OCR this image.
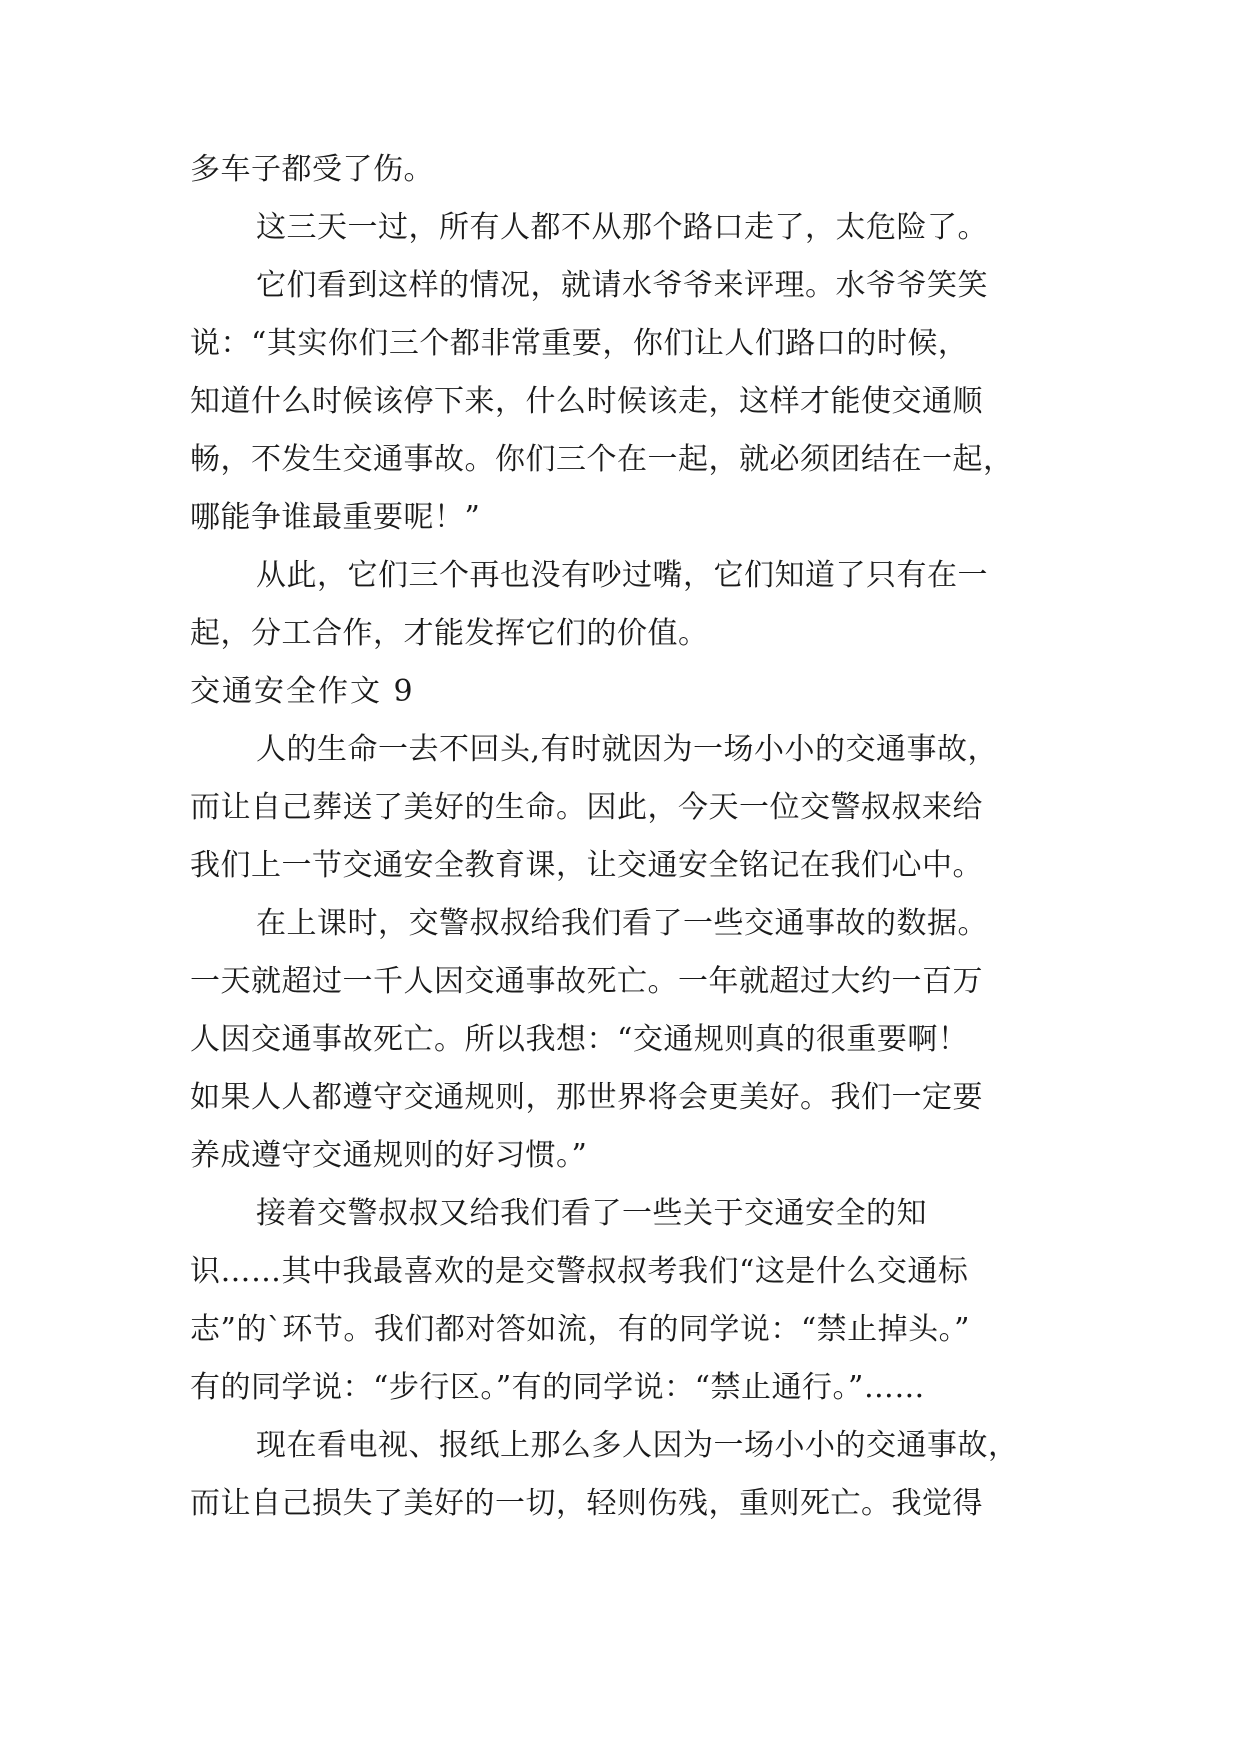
多车子都受了伤。
这三天一过，所有人都不从那个路口走了，太危险了。
它们看到这样的情况，就请水爷爷来评理。水爷爷笑笑
说：“其实你们三个都非常重要，你们让人们路口的时候，
知道什么时候该停下来，什么时候该走，这样才能使交通顺
畅，不发生交通事故。你们三个在一起，就必须团结在一起，
哪能争谁最重要呢！”
从此，它们三个再也没有吵过嘴，它们知道了只有在一
起，分工合作，才能发挥它们的价值。
交通安全作文 9
人的生命一去不回头,有时就因为一场小小的交通事故，
而让自己葬送了美好的生命。因此，今天一位交警叔叔来给
我们上一节交通安全教育课，让交通安全铭记在我们心中。
在上课时，交警叔叔给我们看了一些交通事故的数据。
一天就超过一千人因交通事故死亡。一年就超过大约一百万
人因交通事故死亡。所以我想：“交通规则真的很重要啊！
如果人人都遵守交通规则，那世界将会更美好。我们一定要
养成遵守交通规则的好习惯。”
接着交警叔叔又给我们看了一些关于交通安全的知
识……其中我最喜欢的是交警叔叔考我们“这是什么交通标
志”的`环节。我们都对答如流，有的同学说：“禁止掉头。”
有的同学说：“步行区。”有的同学说：“禁止通行。”……
现在看电视、报纸上那么多人因为一场小小的交通事故，
而让自己损失了美好的一切，轻则伤残，重则死亡。我觉得
